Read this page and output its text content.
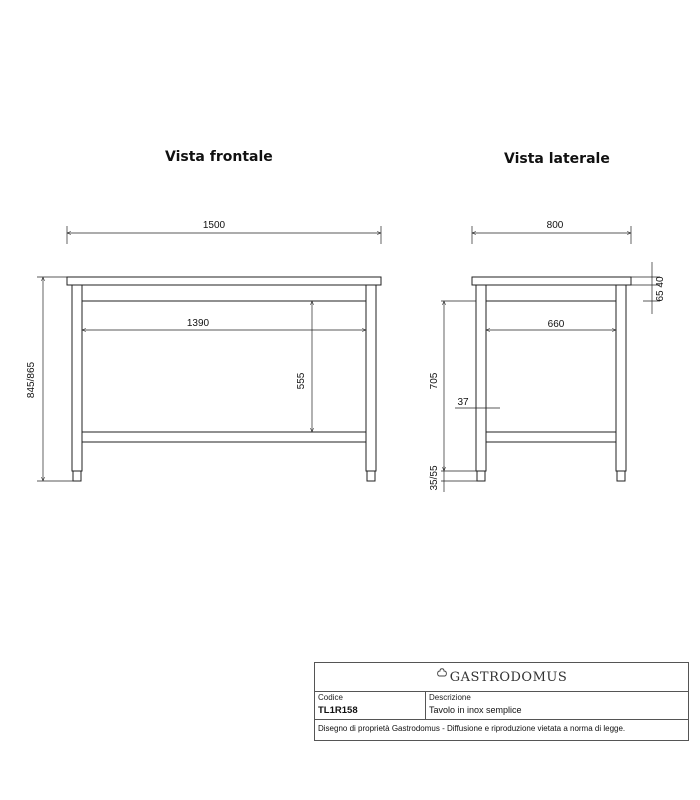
Vista frontale	Vista laterale
1500
1390
555
845/865
800
660
65 40
705
35/55
37
GASTRODOMUS
Codice
TL1R158
Descrizione
Tavolo in inox semplice
Disegno di proprietà Gastrodomus - Diffusione e riproduzione vietata a norma di legge.
